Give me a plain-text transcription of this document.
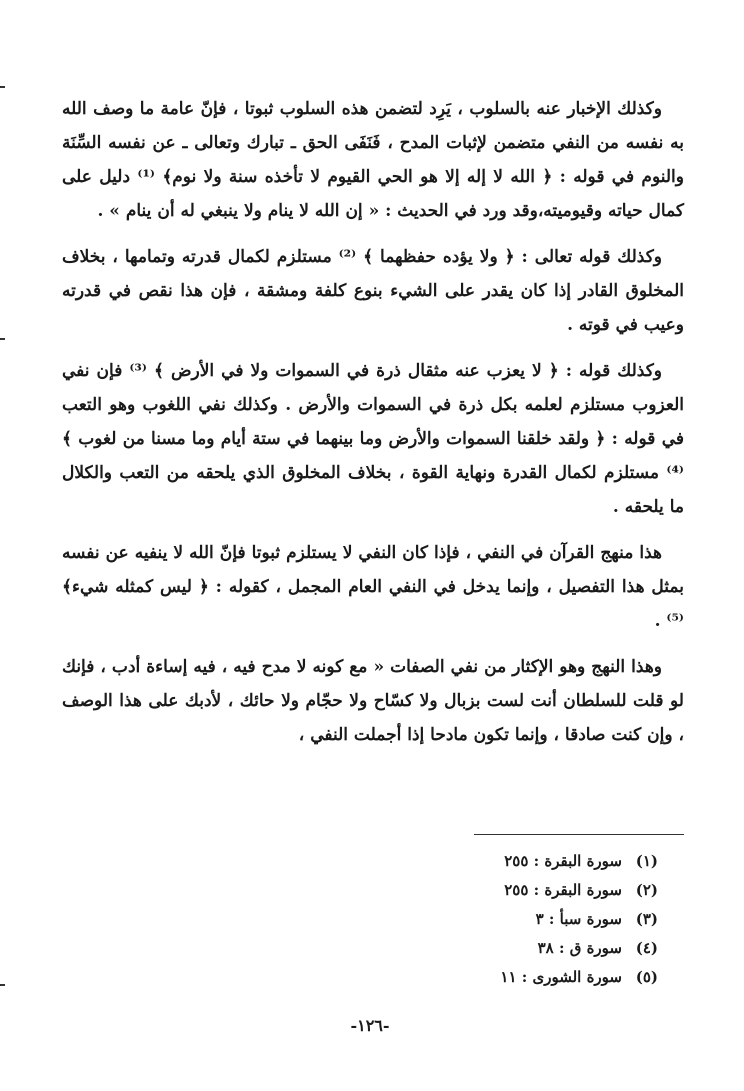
وكذلك الإخبار عنه بالسلوب ، يَرِد لتضمن هذه السلوب ثبوتا ، فإنّ عامة ما وصف الله به نفسه من النفي متضمن لإثبات المدح ، فَنَفَى الحق ـ تبارك وتعالى ـ عن نفسه السِّنَة والنوم في قوله : ﴿ الله لا إله إلا هو الحي القيوم لا تأخذه سنة ولا نوم﴾ ⁽¹⁾ دليل على كمال حياته وقيوميته،وقد ورد في الحديث : « إن الله لا ينام ولا ينبغي له أن ينام » .

وكذلك قوله تعالى : ﴿ ولا يؤده حفظهما ﴾ ⁽²⁾ مستلزم لكمال قدرته وتمامها ، بخلاف المخلوق القادر إذا كان يقدر على الشيء بنوع كلفة ومشقة ، فإن هذا نقص في قدرته وعيب في قوته .

وكذلك قوله : ﴿ لا يعزب عنه مثقال ذرة في السموات ولا في الأرض ﴾ ⁽³⁾ فإن نفي العزوب مستلزم لعلمه بكل ذرة في السموات والأرض . وكذلك نفي اللغوب وهو التعب في قوله : ﴿ ولقد خلقنا السموات والأرض وما بينهما في ستة أيام وما مسنا من لغوب ﴾ ⁽⁴⁾ مستلزم لكمال القدرة ونهاية القوة ، بخلاف المخلوق الذي يلحقه من التعب والكلال ما يلحقه .

هذا منهج القرآن في النفي ، فإذا كان النفي لا يستلزم ثبوتا فإنّ الله لا ينفيه عن نفسه بمثل هذا التفصيل ، وإنما يدخل في النفي العام المجمل ، كقوله : ﴿ ليس كمثله شيء﴾ ⁽⁵⁾ .

وهذا النهج وهو الإكثار من نفي الصفات « مع كونه لا مدح فيه ، فيه إساءة أدب ، فإنك لو قلت للسلطان أنت لست بزبال ولا كسّاح ولا حجّام ولا حائك ، لأدبك على هذا الوصف ، وإن كنت صادقا ، وإنما تكون مادحا إذا أجملت النفي ،

(١)
سورة البقرة : ٢٥٥
(٢)
سورة البقرة : ٢٥٥
(٣)
سورة سبأ : ٣
(٤)
سورة ق : ٣٨
(٥)
سورة الشورى : ١١
-١٢٦-
